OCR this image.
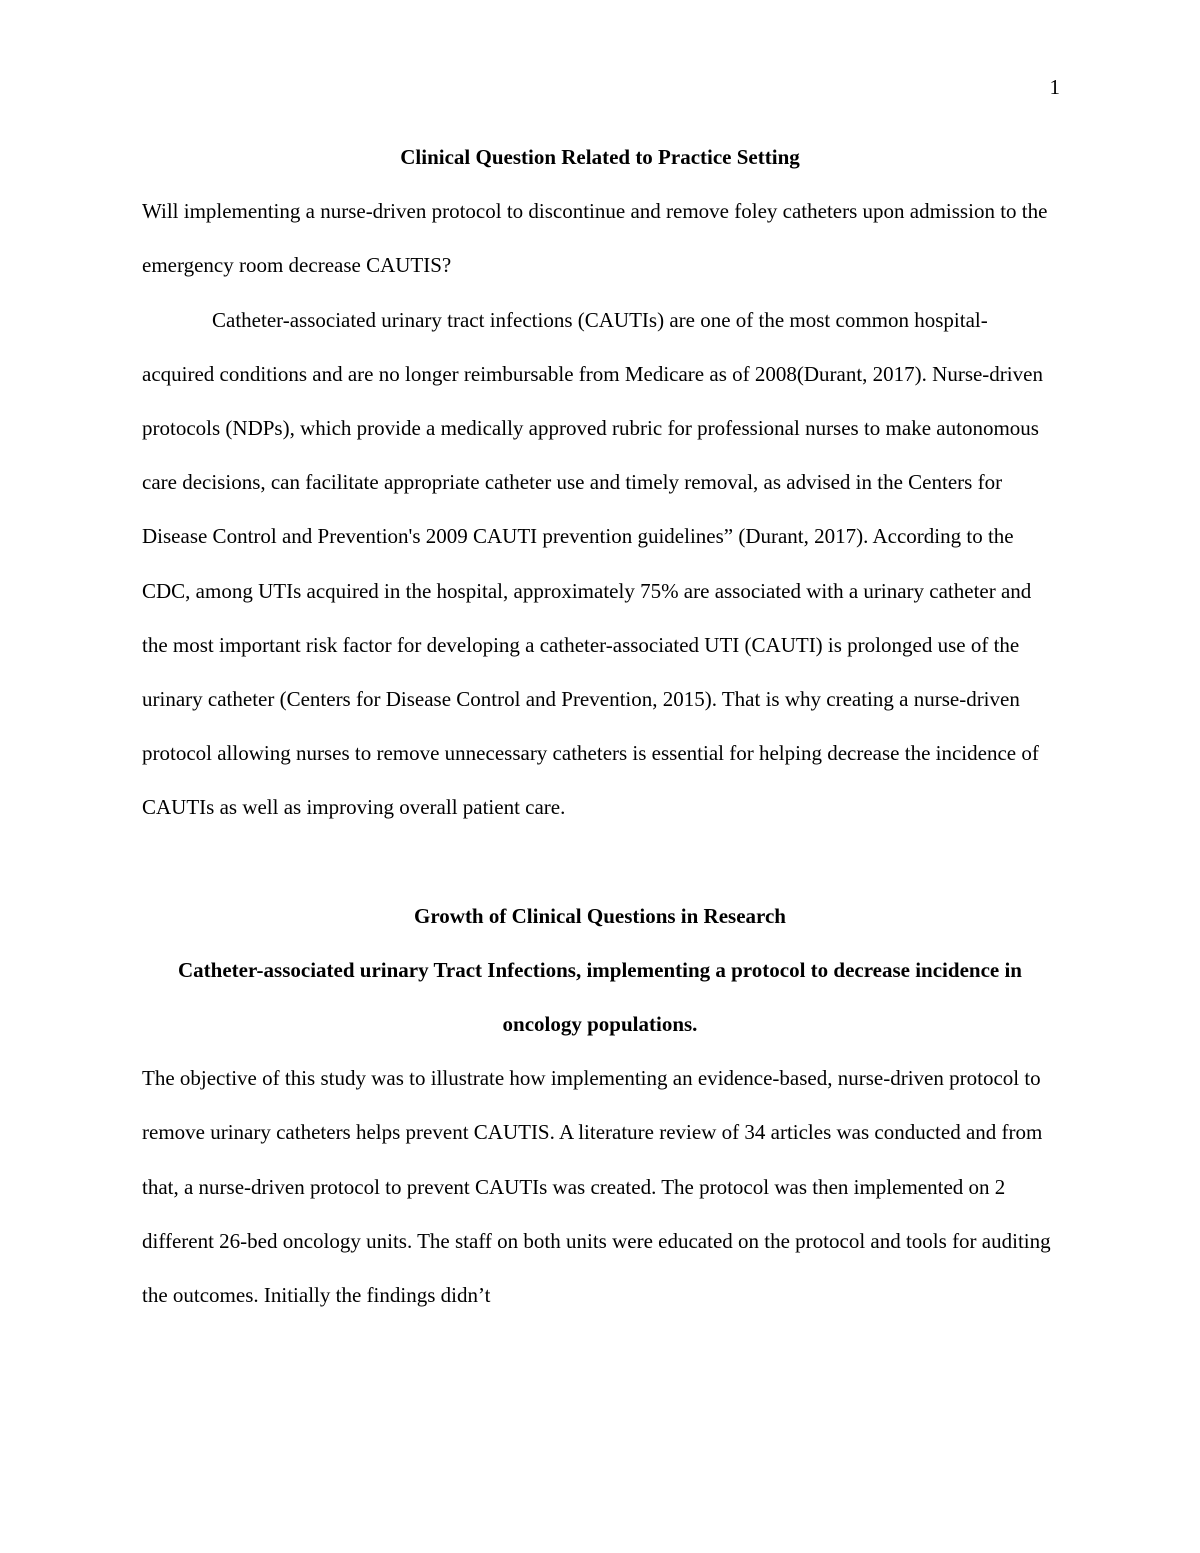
1
Clinical Question Related to Practice Setting

Will implementing a nurse-driven protocol to discontinue and remove foley catheters upon admission to the emergency room decrease CAUTIS?

Catheter-associated urinary tract infections (CAUTIs) are one of the most common hospital-acquired conditions and are no longer reimbursable from Medicare as of 2008(Durant, 2017). Nurse-driven protocols (NDPs), which provide a medically approved rubric for professional nurses to make autonomous care decisions, can facilitate appropriate catheter use and timely removal, as advised in the Centers for Disease Control and Prevention's 2009 CAUTI prevention guidelines” (Durant, 2017). According to the CDC, among UTIs acquired in the hospital, approximately 75% are associated with a urinary catheter and the most important risk factor for developing a catheter-associated UTI (CAUTI) is prolonged use of the urinary catheter (Centers for Disease Control and Prevention, 2015). That is why creating a nurse-driven protocol allowing nurses to remove unnecessary catheters is essential for helping decrease the incidence of CAUTIs as well as improving overall patient care.

Growth of Clinical Questions in Research
Catheter-associated urinary Tract Infections, implementing a protocol to decrease incidence in oncology populations.

The objective of this study was to illustrate how implementing an evidence-based, nurse-driven protocol to remove urinary catheters helps prevent CAUTIS. A literature review of 34 articles was conducted and from that, a nurse-driven protocol to prevent CAUTIs was created. The protocol was then implemented on 2 different 26-bed oncology units. The staff on both units were educated on the protocol and tools for auditing the outcomes. Initially the findings didn’t
